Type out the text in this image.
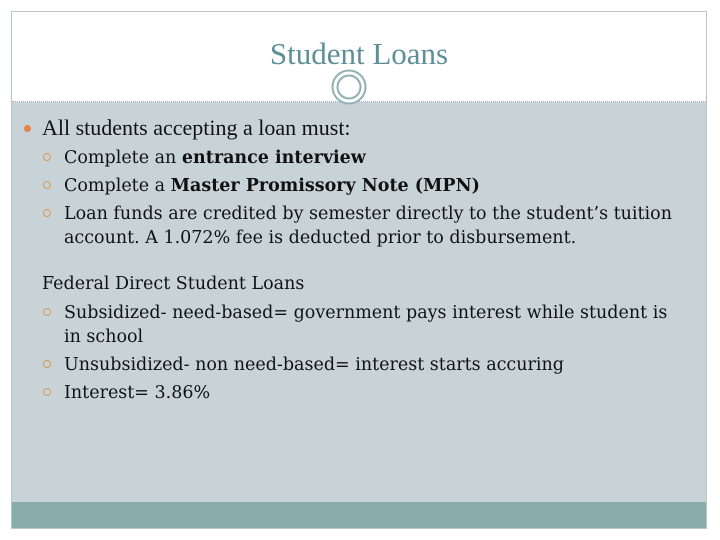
Student Loans
All students accepting a loan must:
Complete an entrance interview
Complete a Master Promissory Note (MPN)
Loan funds are credited by semester directly to the student’s tuition account. A 1.072% fee is deducted prior to disbursement.
Federal Direct Student Loans
Subsidized- need-based= government pays interest while student is in school
Unsubsidized- non need-based= interest starts accuring
Interest= 3.86%
